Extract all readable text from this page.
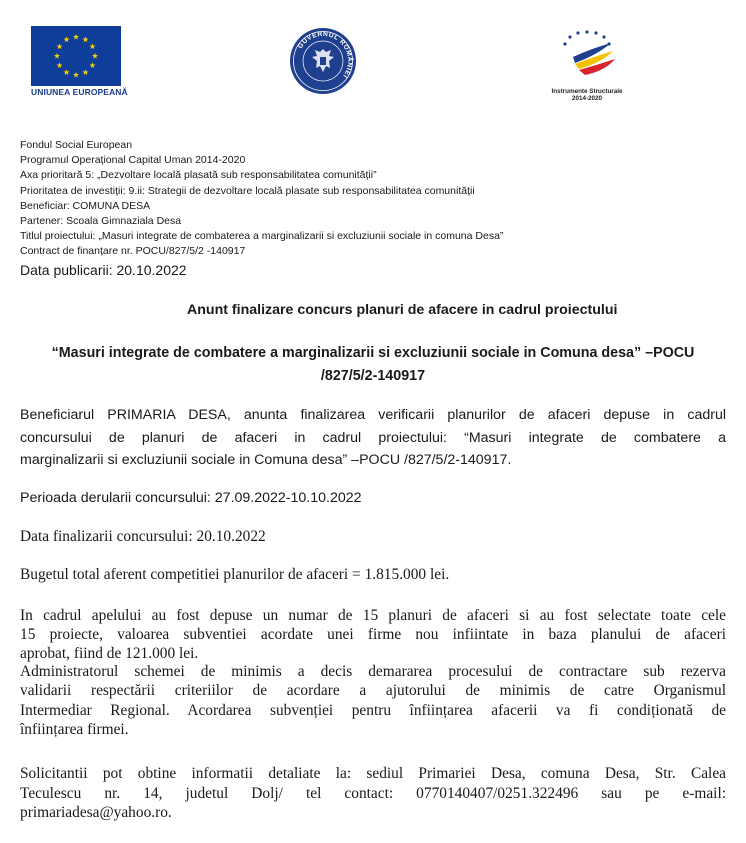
UNIUNEA EUROPEANĂ
GUVERNUL ROMÂNIEI
Instrumente Structurale
2014-2020
Fondul Social European
Programul Operațional Capital Uman 2014-2020
Axa prioritară 5: „Dezvoltare locală plasată sub responsabilitatea comunității”
Prioritatea de investiții: 9.ii: Strategii de dezvoltare locală plasate sub responsabilitatea comunității
Beneficiar: COMUNA DESA
Partener: Scoala Gimnaziala Desa
Titlul proiectului: „Masuri integrate de combaterea a marginalizarii si excluziunii sociale in comuna Desa”
Contract de finanțare nr. POCU/827/5/2 -140917
Data publicarii: 20.10.2022
Anunt finalizare concurs planuri de afacere in cadrul proiectului
“Masuri integrate de combatere a marginalizarii si excluziunii sociale in Comuna desa” –POCU
/827/5/2-140917
Beneficiarul PRIMARIA DESA, anunta finalizarea verificarii planurilor de afaceri depuse in cadrul
concursului de planuri de afaceri in cadrul proiectului: “Masuri integrate de combatere a
marginalizarii si excluziunii sociale in Comuna desa” –POCU /827/5/2-140917.
Perioada derularii concursului: 27.09.2022-10.10.2022
Data finalizarii concursului: 20.10.2022
Bugetul total aferent competitiei planurilor de afaceri = 1.815.000 lei.
In cadrul apelului au fost depuse un numar de 15 planuri de afaceri si au fost selectate toate cele
15 proiecte, valoarea subventiei acordate unei firme nou infiintate in baza planului de afaceri
aprobat, fiind de 121.000 lei.
Administratorul schemei de minimis a decis demararea procesului de contractare sub rezerva
validarii respectării criteriilor de acordare a ajutorului de minimis de catre Organismul
Intermediar Regional. Acordarea subvenției pentru înființarea afacerii va fi condiționată de
înființarea firmei.
Solicitantii pot obtine informatii detaliate la: sediul Primariei Desa, comuna Desa, Str. Calea
Teculescu nr. 14, judetul Dolj/ tel contact: 0770140407/0251.322496 sau pe e-mail:
primariadesa@yahoo.ro.
